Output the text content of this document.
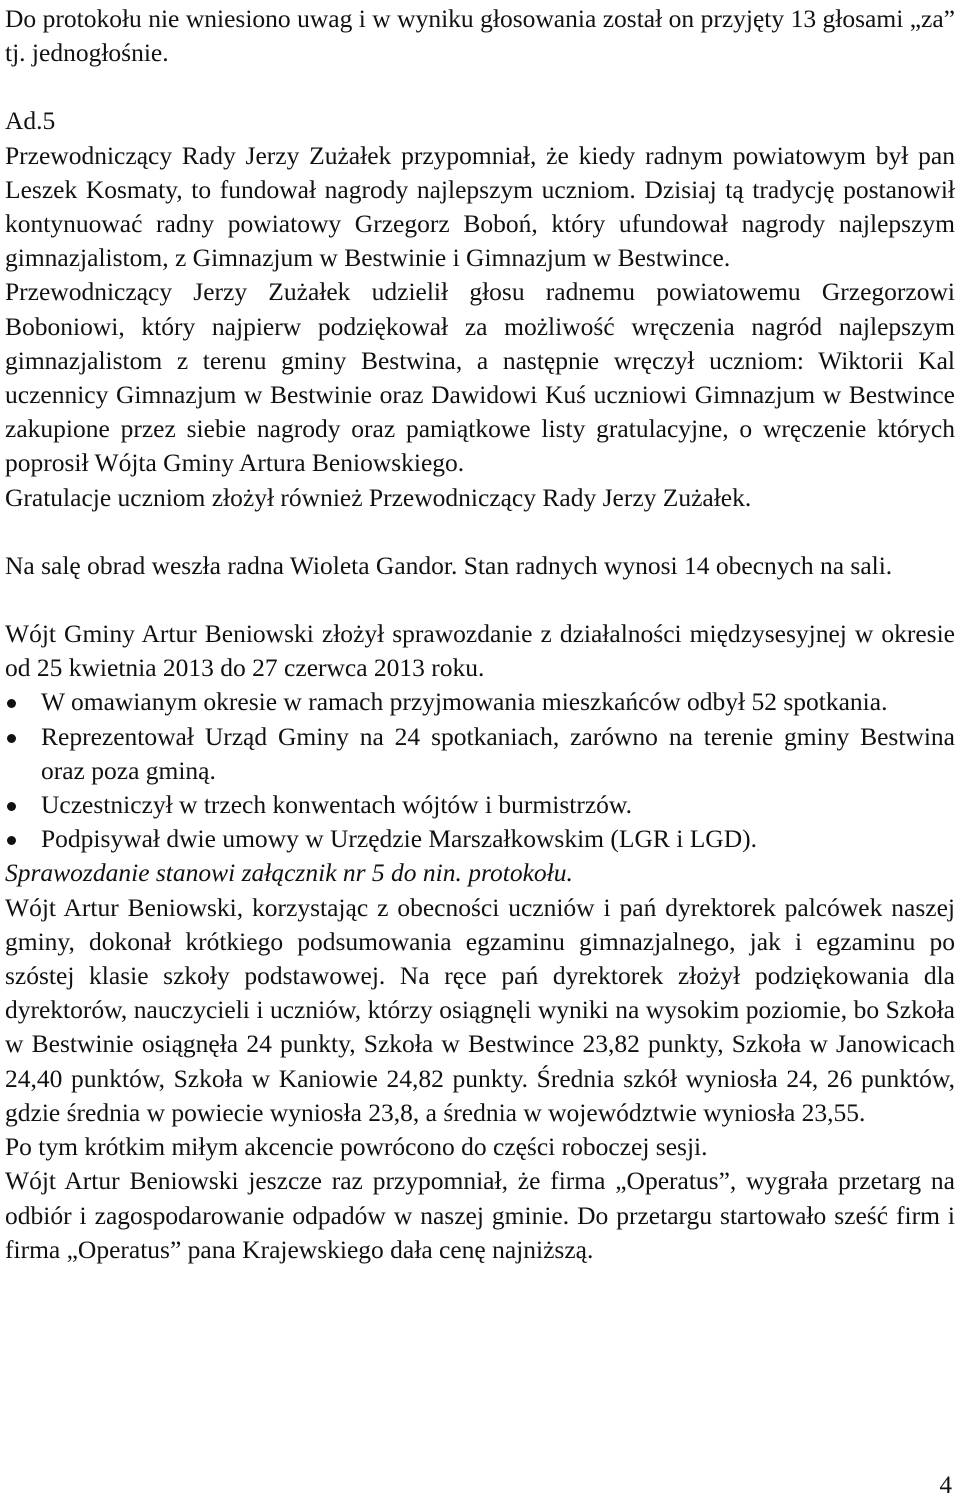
Do protokołu nie wniesiono uwag i w wyniku głosowania został on przyjęty 13 głosami „za” tj. jednogłośnie.

Ad.5

Przewodniczący Rady Jerzy Zużałek przypomniał, że kiedy radnym powiatowym był pan Leszek Kosmaty, to fundował nagrody najlepszym uczniom. Dzisiaj tą tradycję postanowił kontynuować radny powiatowy Grzegorz Boboń, który ufundował nagrody najlepszym gimnazjalistom, z Gimnazjum w Bestwinie i Gimnazjum w Bestwince.

Przewodniczący Jerzy Zużałek udzielił głosu radnemu powiatowemu Grzegorzowi Boboniowi, który najpierw podziękował za możliwość wręczenia nagród najlepszym gimnazjalistom z terenu gminy Bestwina, a następnie wręczył uczniom: Wiktorii Kal uczennicy Gimnazjum w Bestwinie oraz Dawidowi Kuś uczniowi Gimnazjum w Bestwince zakupione przez siebie nagrody oraz pamiątkowe listy gratulacyjne, o wręczenie których poprosił Wójta Gminy Artura Beniowskiego.

Gratulacje uczniom złożył również Przewodniczący Rady Jerzy Zużałek.

Na salę obrad weszła radna Wioleta Gandor. Stan radnych wynosi 14 obecnych na sali.

Wójt Gminy Artur Beniowski złożył sprawozdanie z działalności międzysesyjnej w okresie od 25 kwietnia 2013 do 27 czerwca 2013 roku.

W omawianym okresie w ramach przyjmowania mieszkańców odbył 52 spotkania.
Reprezentował Urząd Gminy na 24 spotkaniach, zarówno na terenie gminy Bestwina oraz poza gminą.
Uczestniczył w trzech konwentach wójtów i burmistrzów.
Podpisywał dwie umowy w Urzędzie Marszałkowskim (LGR i LGD).

Sprawozdanie stanowi załącznik nr 5 do nin. protokołu.

Wójt Artur Beniowski, korzystając z obecności uczniów i pań dyrektorek palcówek naszej gminy, dokonał krótkiego podsumowania egzaminu gimnazjalnego, jak i egzaminu po szóstej klasie szkoły podstawowej. Na ręce pań dyrektorek złożył podziękowania dla dyrektorów, nauczycieli i uczniów, którzy osiągnęli wyniki na wysokim poziomie, bo Szkoła w Bestwinie osiągnęła 24 punkty, Szkoła w Bestwince 23,82 punkty, Szkoła w Janowicach 24,40 punktów, Szkoła w Kaniowie 24,82 punkty. Średnia szkół wyniosła 24, 26 punktów, gdzie średnia w powiecie wyniosła 23,8, a średnia w województwie wyniosła 23,55.

Po tym krótkim miłym akcencie powrócono do części roboczej sesji.

Wójt Artur Beniowski jeszcze raz przypomniał, że firma „Operatus”, wygrała przetarg na odbiór i zagospodarowanie odpadów w naszej gminie. Do przetargu startowało sześć firm i firma „Operatus” pana Krajewskiego dała cenę najniższą.

4
